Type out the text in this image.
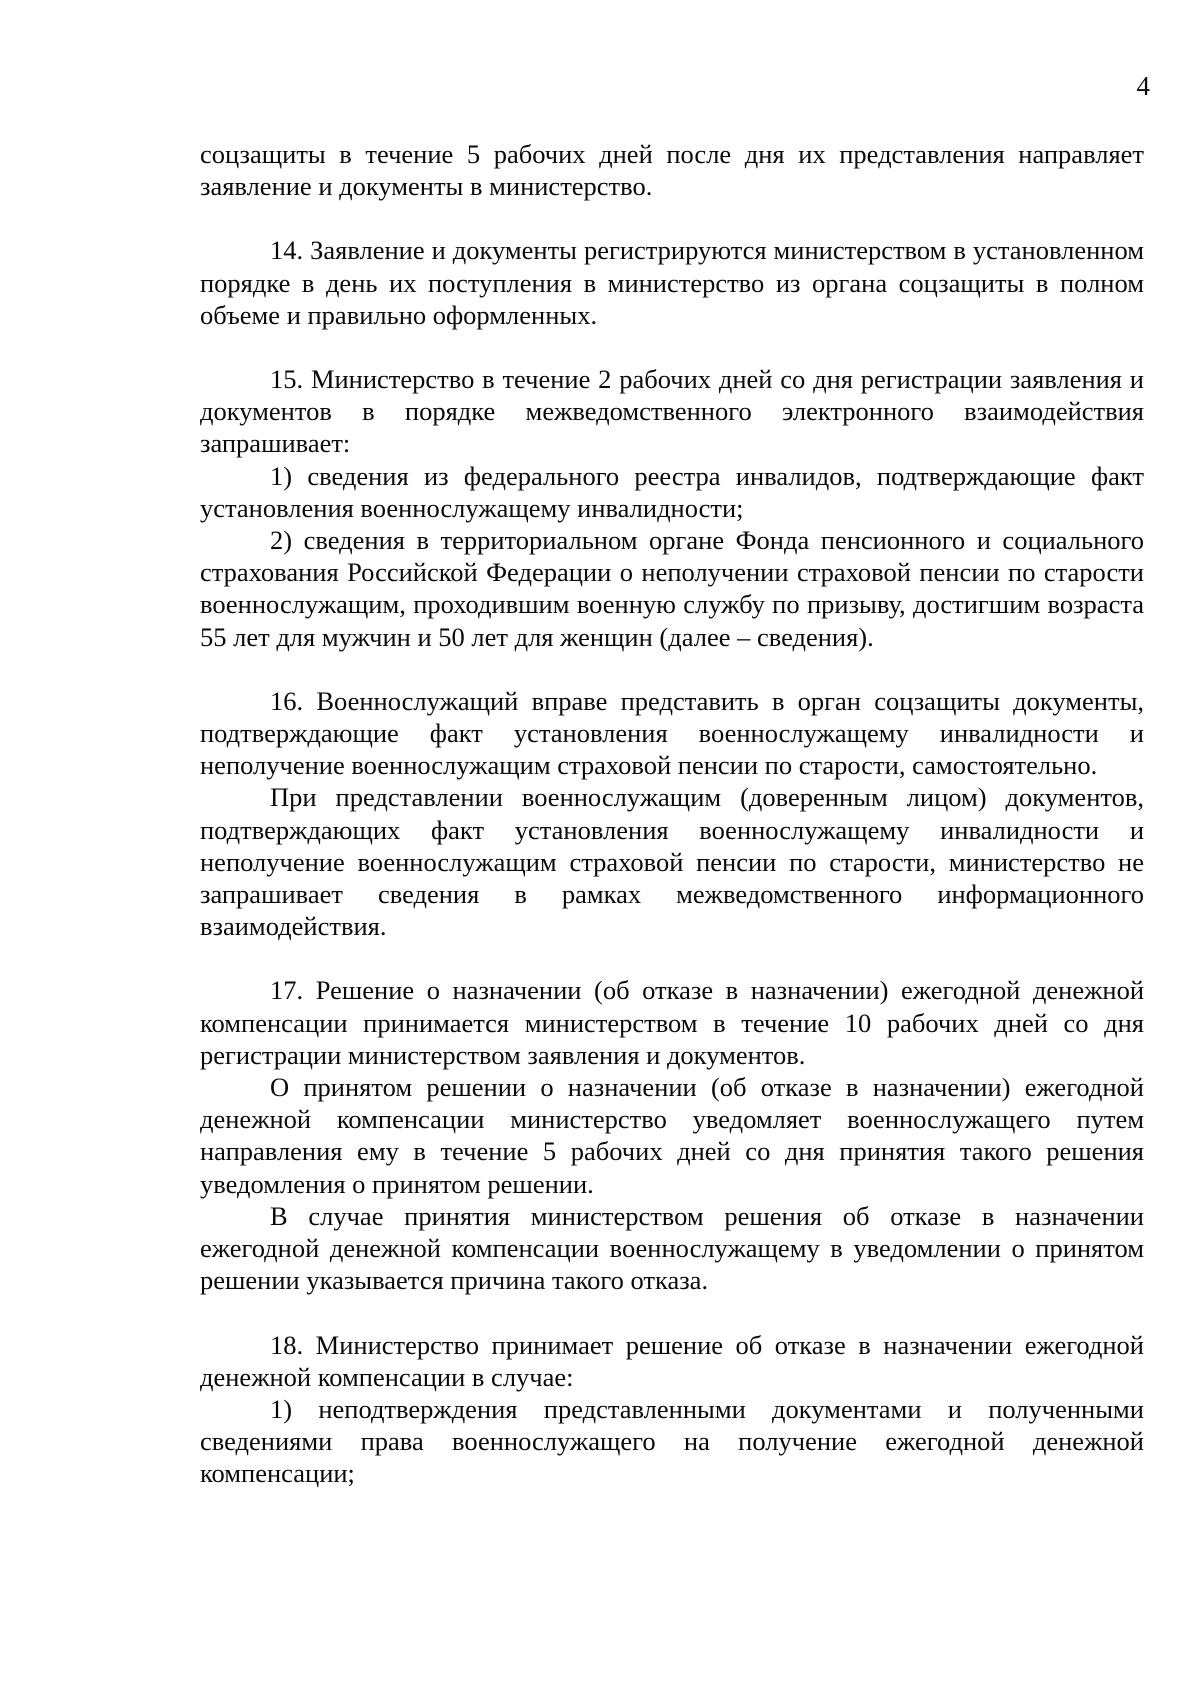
4

соцзащиты в течение 5 рабочих дней после дня их представления направляет заявление и документы в министерство.

14. Заявление и документы регистрируются министерством в установленном порядке в день их поступления в министерство из органа соцзащиты в полном объеме и правильно оформленных.

15. Министерство в течение 2 рабочих дней со дня регистрации заявления и документов в порядке межведомственного электронного взаимодействия запрашивает:

1) сведения из федерального реестра инвалидов, подтверждающие факт установления военнослужащему инвалидности;

2) сведения в территориальном органе Фонда пенсионного и социального страхования Российской Федерации о неполучении страховой пенсии по старости военнослужащим, проходившим военную службу по призыву, достигшим возраста 55 лет для мужчин и 50 лет для женщин (далее – сведения).

16. Военнослужащий вправе представить в орган соцзащиты документы, подтверждающие факт установления военнослужащему инвалидности и неполучение военнослужащим страховой пенсии по старости, самостоятельно.

При представлении военнослужащим (доверенным лицом) документов, подтверждающих факт установления военнослужащему инвалидности и неполучение военнослужащим страховой пенсии по старости, министерство не запрашивает сведения в рамках межведомственного информационного взаимодействия.

17. Решение о назначении (об отказе в назначении) ежегодной денежной компенсации принимается министерством в течение 10 рабочих дней со дня регистрации министерством заявления и документов.

О принятом решении о назначении (об отказе в назначении) ежегодной денежной компенсации министерство уведомляет военнослужащего путем направления ему в течение 5 рабочих дней со дня принятия такого решения уведомления о принятом решении.

В случае принятия министерством решения об отказе в назначении ежегодной денежной компенсации военнослужащему в уведомлении о принятом решении указывается причина такого отказа.

18. Министерство принимает решение об отказе в назначении ежегодной денежной компенсации в случае:

1) неподтверждения представленными документами и полученными сведениями права военнослужащего на получение ежегодной денежной компенсации;
